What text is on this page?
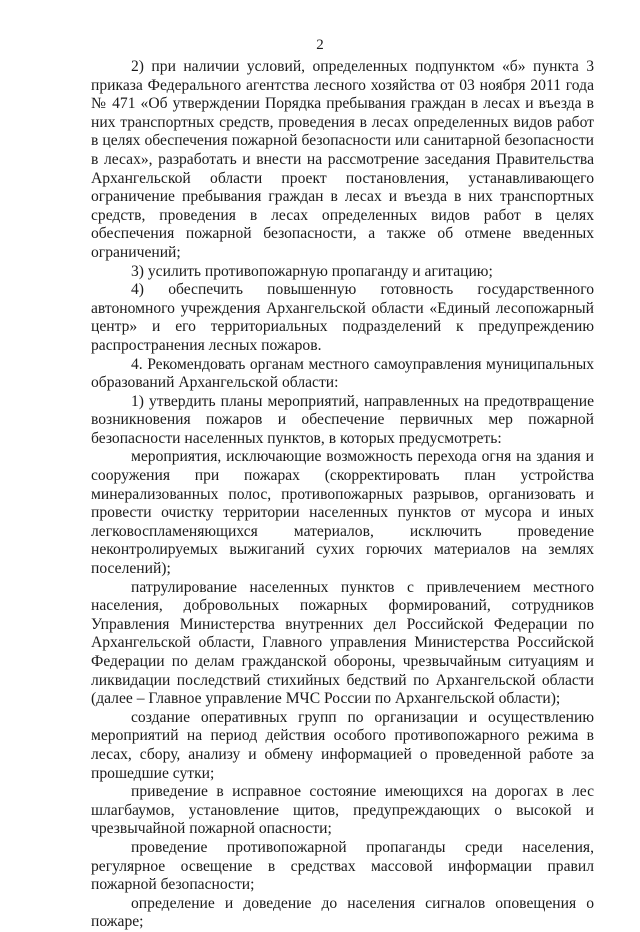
2

2) при наличии условий, определенных подпунктом «б» пункта 3 приказа Федерального агентства лесного хозяйства от 03 ноября 2011 года № 471 «Об утверждении Порядка пребывания граждан в лесах и въезда в них транспортных средств, проведения в лесах определенных видов работ в целях обеспечения пожарной безопасности или санитарной безопасности в лесах», разработать и внести на рассмотрение заседания Правительства Архангельской области проект постановления, устанавливающего ограничение пребывания граждан в лесах и въезда в них транспортных средств, проведения в лесах определенных видов работ в целях обеспечения пожарной безопасности, а также об отмене введенных ограничений;

3) усилить противопожарную пропаганду и агитацию;

4) обеспечить повышенную готовность государственного автономного учреждения Архангельской области «Единый лесопожарный центр» и его территориальных подразделений к предупреждению распространения лесных пожаров.

4. Рекомендовать органам местного самоуправления муниципальных образований Архангельской области:

1) утвердить планы мероприятий, направленных на предотвращение возникновения пожаров и обеспечение первичных мер пожарной безопасности населенных пунктов, в которых предусмотреть:

мероприятия, исключающие возможность перехода огня на здания и сооружения при пожарах (скорректировать план устройства минерализованных полос, противопожарных разрывов, организовать и провести очистку территории населенных пунктов от мусора и иных легковоспламеняющихся материалов, исключить проведение неконтролируемых выжиганий сухих горючих материалов на землях поселений);

патрулирование населенных пунктов с привлечением местного населения, добровольных пожарных формирований, сотрудников Управления Министерства внутренних дел Российской Федерации по Архангельской области, Главного управления Министерства Российской Федерации по делам гражданской обороны, чрезвычайным ситуациям и ликвидации последствий стихийных бедствий по Архангельской области (далее – Главное управление МЧС России по Архангельской области);

создание оперативных групп по организации и осуществлению мероприятий на период действия особого противопожарного режима в лесах, сбору, анализу и обмену информацией о проведенной работе за прошедшие сутки;

приведение в исправное состояние имеющихся на дорогах в лес шлагбаумов, установление щитов, предупреждающих о высокой и чрезвычайной пожарной опасности;

проведение противопожарной пропаганды среди населения, регулярное освещение в средствах массовой информации правил пожарной безопасности;

определение и доведение до населения сигналов оповещения о пожаре;
